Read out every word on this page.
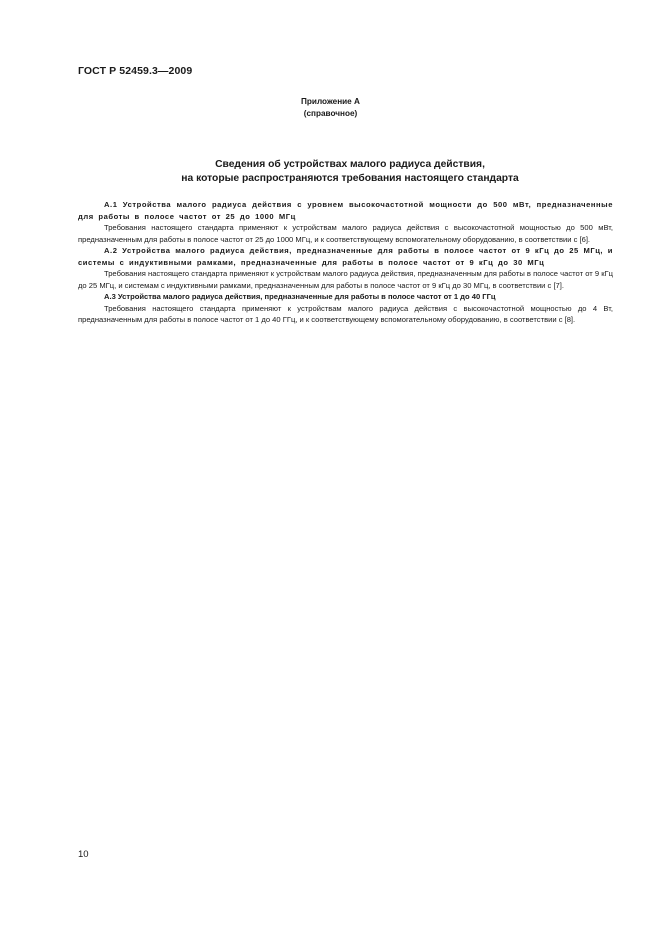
ГОСТ Р 52459.3—2009
Приложение А
(справочное)
Сведения об устройствах малого радиуса действия,
на которые распространяются требования настоящего стандарта

А.1 Устройства малого радиуса действия с уровнем высокочастотной мощности до 500 мВт, предназначенные для работы в полосе частот от 25 до 1000 МГц

Требования настоящего стандарта применяют к устройствам малого радиуса действия с высокочастотной мощностью до 500 мВт, предназначенным для работы в полосе частот от 25 до 1000 МГц, и к соответствующему вспомогательному оборудованию, в соответствии с [6].

А.2 Устройства малого радиуса действия, предназначенные для работы в полосе частот от 9 кГц до 25 МГц, и системы с индуктивными рамками, предназначенные для работы в полосе частот от 9 кГц до 30 МГц

Требования настоящего стандарта применяют к устройствам малого радиуса действия, предназначенным для работы в полосе частот от 9 кГц до 25 МГц, и системам с индуктивными рамками, предназначенным для работы в полосе частот от 9 кГц до 30 МГц, в соответствии с [7].

А.3 Устройства малого радиуса действия, предназначенные для работы в полосе частот от 1 до 40 ГГц

Требования настоящего стандарта применяют к устройствам малого радиуса действия с высокочастотной мощностью до 4 Вт, предназначенным для работы в полосе частот от 1 до 40 ГГц, и к соответствующему вспомогательному оборудованию, в соответствии с [8].

10
